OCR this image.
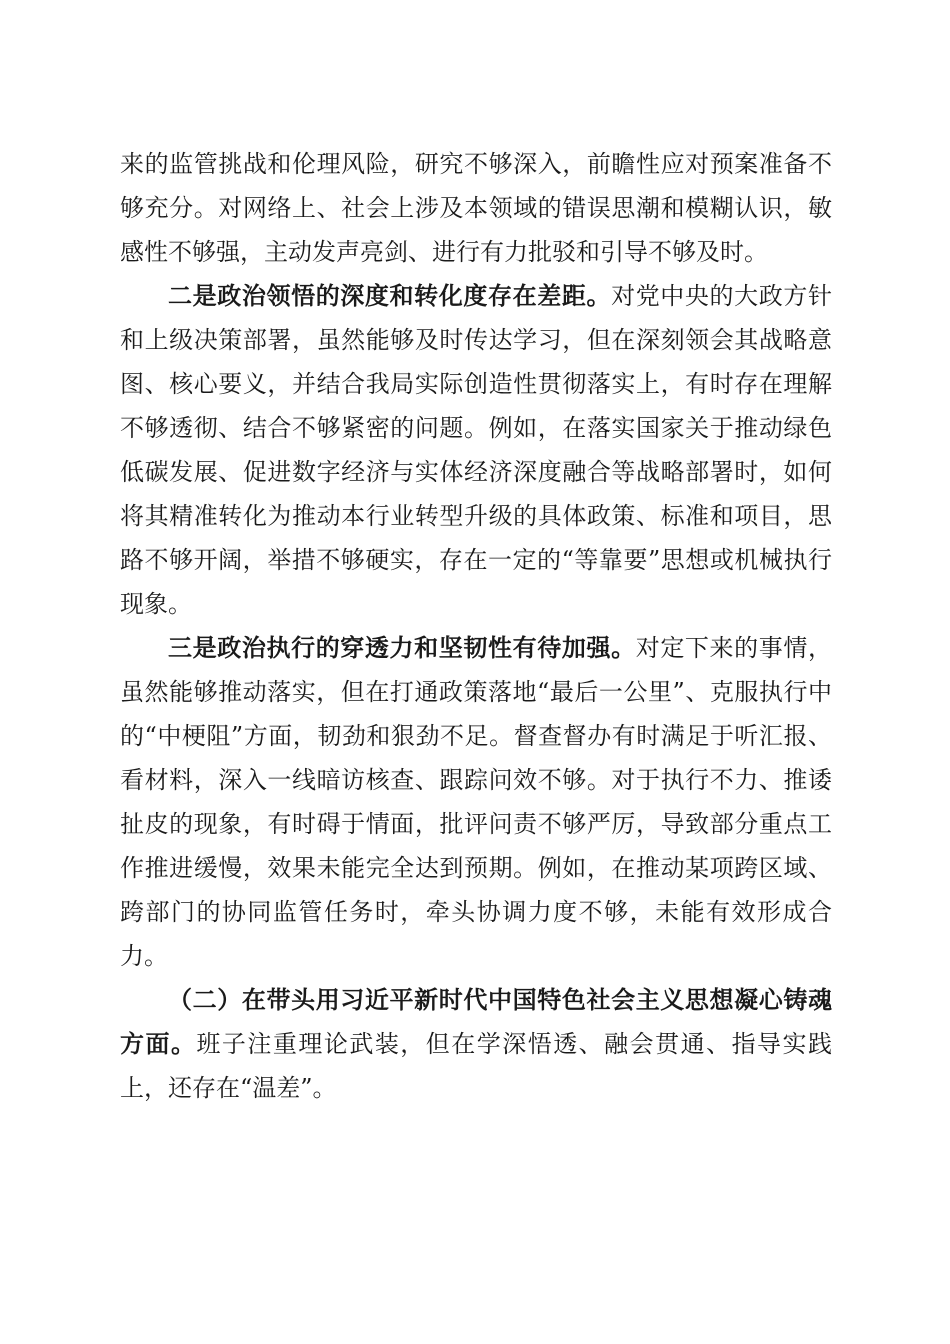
来的监管挑战和伦理风险，研究不够深入，前瞻性应对预案准备不够充分。对网络上、社会上涉及本领域的错误思潮和模糊认识，敏感性不够强，主动发声亮剑、进行有力批驳和引导不够及时。

二是政治领悟的深度和转化度存在差距。对党中央的大政方针和上级决策部署，虽然能够及时传达学习，但在深刻领会其战略意图、核心要义，并结合我局实际创造性贯彻落实上，有时存在理解不够透彻、结合不够紧密的问题。例如，在落实国家关于推动绿色低碳发展、促进数字经济与实体经济深度融合等战略部署时，如何将其精准转化为推动本行业转型升级的具体政策、标准和项目，思路不够开阔，举措不够硬实，存在一定的“等靠要”思想或机械执行现象。

三是政治执行的穿透力和坚韧性有待加强。对定下来的事情，虽然能够推动落实，但在打通政策落地“最后一公里”、克服执行中的“中梗阻”方面，韧劲和狠劲不足。督查督办有时满足于听汇报、看材料，深入一线暗访核查、跟踪问效不够。对于执行不力、推诿扯皮的现象，有时碍于情面，批评问责不够严厉，导致部分重点工作推进缓慢，效果未能完全达到预期。例如，在推动某项跨区域、跨部门的协同监管任务时，牵头协调力度不够，未能有效形成合力。

（二）在带头用习近平新时代中国特色社会主义思想凝心铸魂方面。班子注重理论武装，但在学深悟透、融会贯通、指导实践上，还存在“温差”。
